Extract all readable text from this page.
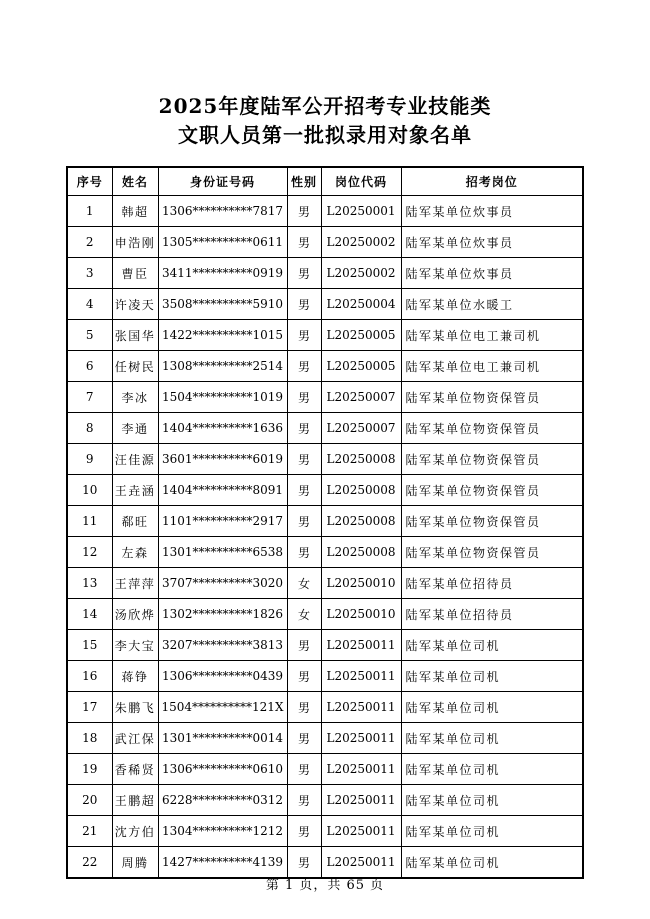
2025年度陆军公开招考专业技能类
文职人员第一批拟录用对象名单
序号	姓名	身份证号码	性别	岗位代码	招考岗位
1	韩超	1306**********7817	男	L20250001	陆军某单位炊事员
2	申浩刚	1305**********0611	男	L20250002	陆军某单位炊事员
3	曹臣	3411**********0919	男	L20250002	陆军某单位炊事员
4	许凌天	3508**********5910	男	L20250004	陆军某单位水暖工
5	张国华	1422**********1015	男	L20250005	陆军某单位电工兼司机
6	任树民	1308**********2514	男	L20250005	陆军某单位电工兼司机
7	李冰	1504**********1019	男	L20250007	陆军某单位物资保管员
8	李通	1404**********1636	男	L20250007	陆军某单位物资保管员
9	汪佳源	3601**********6019	男	L20250008	陆军某单位物资保管员
10	王垚涵	1404**********8091	男	L20250008	陆军某单位物资保管员
11	郗旺	1101**********2917	男	L20250008	陆军某单位物资保管员
12	左森	1301**********6538	男	L20250008	陆军某单位物资保管员
13	王萍萍	3707**********3020	女	L20250010	陆军某单位招待员
14	汤欣烨	1302**********1826	女	L20250010	陆军某单位招待员
15	李大宝	3207**********3813	男	L20250011	陆军某单位司机
16	蒋铮	1306**********0439	男	L20250011	陆军某单位司机
17	朱鹏飞	1504**********121X	男	L20250011	陆军某单位司机
18	武江保	1301**********0014	男	L20250011	陆军某单位司机
19	香稀贤	1306**********0610	男	L20250011	陆军某单位司机
20	王鹏超	6228**********0312	男	L20250011	陆军某单位司机
21	沈方伯	1304**********1212	男	L20250011	陆军某单位司机
22	周腾	1427**********4139	男	L20250011	陆军某单位司机
第 1 页，共 65 页
